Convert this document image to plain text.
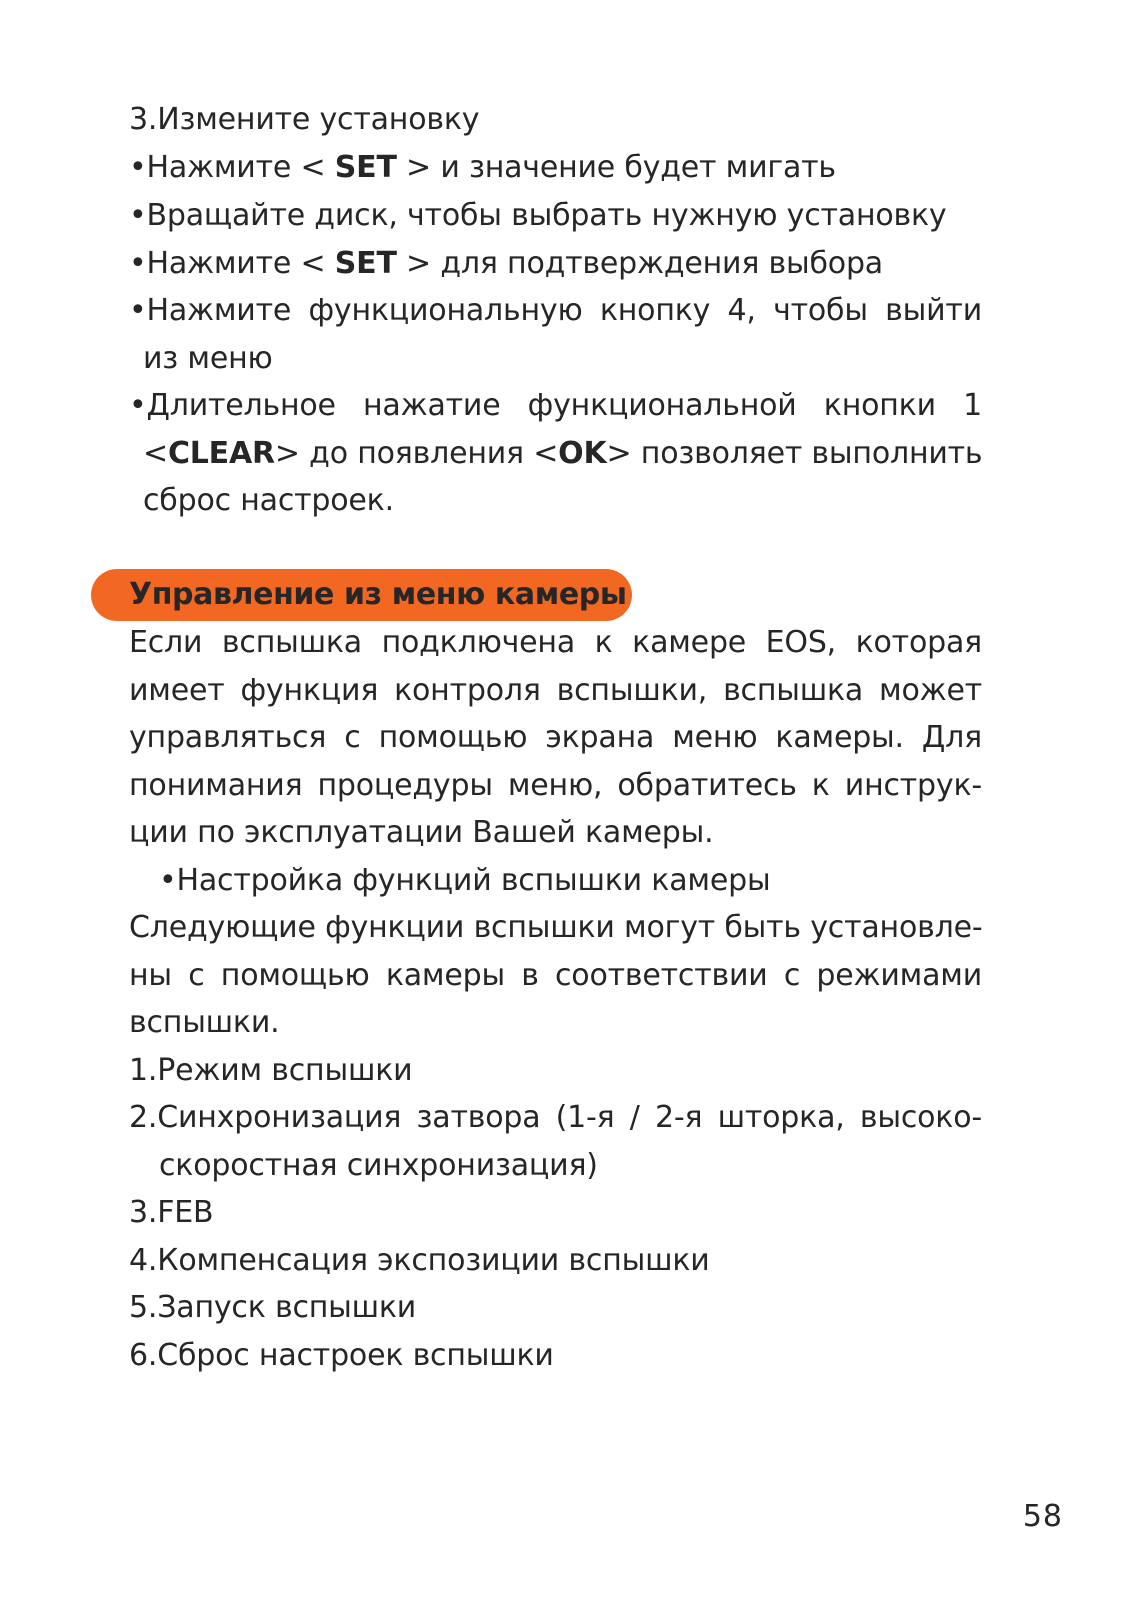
3.Измените установку
•Нажмите < SET > и значение будет мигать
•Вращайте диск, чтобы выбрать нужную установку
•Нажмите < SET > для подтверждения выбора
•Нажмите функциональную кнопку 4, чтобы выйти
из меню
•Длительное нажатие функциональной кнопки 1
<CLEAR> до появления <OK> позволяет выполнить
сброс настроек.
Управление из меню камеры
Если вспышка подключена к камере EOS, которая
имеет функция контроля вспышки, вспышка может
управляться с помощью экрана меню камеры. Для
понимания процедуры меню, обратитесь к инструк-
ции по эксплуатации Вашей камеры.
•Настройка функций вспышки камеры
Следующие функции вспышки могут быть установле-
ны с помощью камеры в соответствии с режимами
вспышки.
1.Режим вспышки
2.Синхронизация затвора (1-я / 2-я шторка, высоко-
скоростная синхронизация)
3.FEB
4.Компенсация экспозиции вспышки
5.Запуск вспышки
6.Сброс настроек вспышки
58
